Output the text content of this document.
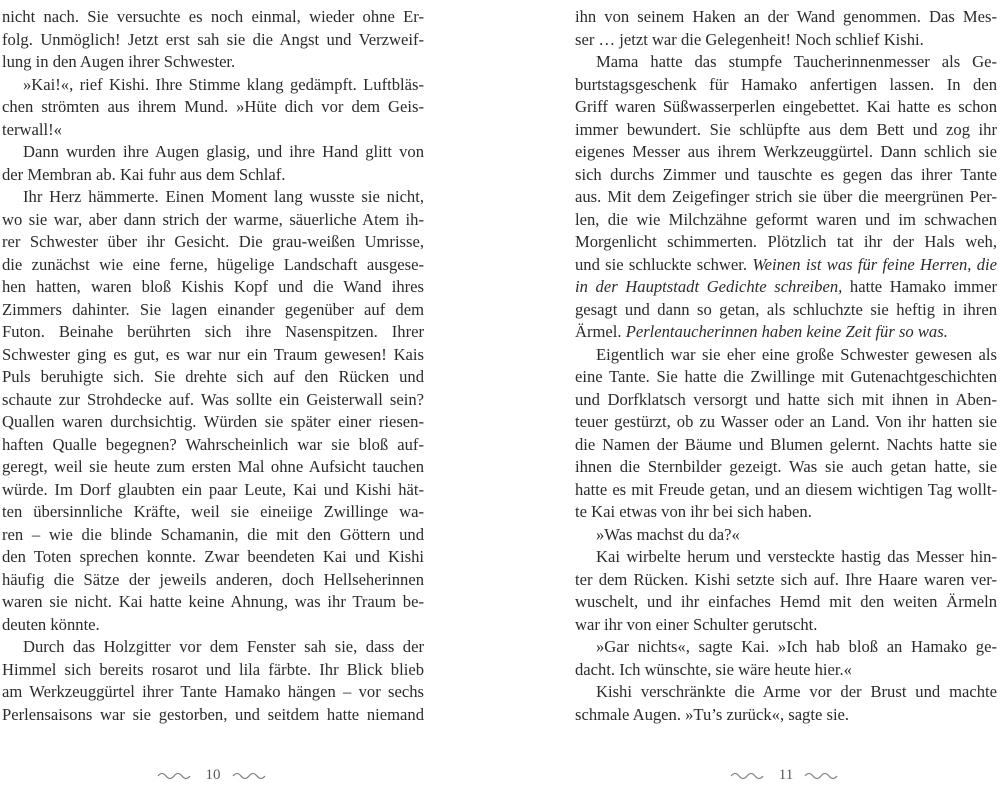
nicht nach. Sie versuchte es noch einmal, wieder ohne Er-
folg. Unmöglich! Jetzt erst sah sie die Angst und Verzweif-
lung in den Augen ihrer Schwester.
»Kai!«, rief Kishi. Ihre Stimme klang gedämpft. Luftbläs-
chen strömten aus ihrem Mund. »Hüte dich vor dem Geis-
terwall!«
Dann wurden ihre Augen glasig, und ihre Hand glitt von
der Membran ab. Kai fuhr aus dem Schlaf.
Ihr Herz hämmerte. Einen Moment lang wusste sie nicht,
wo sie war, aber dann strich der warme, säuerliche Atem ih-
rer Schwester über ihr Gesicht. Die grau-weißen Umrisse,
die zunächst wie eine ferne, hügelige Landschaft ausgese-
hen hatten, waren bloß Kishis Kopf und die Wand ihres
Zimmers dahinter. Sie lagen einander gegenüber auf dem
Futon. Beinahe berührten sich ihre Nasenspitzen. Ihrer
Schwester ging es gut, es war nur ein Traum gewesen! Kais
Puls beruhigte sich. Sie drehte sich auf den Rücken und
schaute zur Strohdecke auf. Was sollte ein Geisterwall sein?
Quallen waren durchsichtig. Würden sie später einer riesen-
haften Qualle begegnen? Wahrscheinlich war sie bloß auf-
geregt, weil sie heute zum ersten Mal ohne Aufsicht tauchen
würde. Im Dorf glaubten ein paar Leute, Kai und Kishi hät-
ten übersinnliche Kräfte, weil sie eineiige Zwillinge wa-
ren – wie die blinde Schamanin, die mit den Göttern und
den Toten sprechen konnte. Zwar beendeten Kai und Kishi
häufig die Sätze der jeweils anderen, doch Hellseherinnen
waren sie nicht. Kai hatte keine Ahnung, was ihr Traum be-
deuten könnte.
Durch das Holzgitter vor dem Fenster sah sie, dass der
Himmel sich bereits rosarot und lila färbte. Ihr Blick blieb
am Werkzeuggürtel ihrer Tante Hamako hängen – vor sechs
Perlensaisons war sie gestorben, und seitdem hatte niemand
10
ihn von seinem Haken an der Wand genommen. Das Mes-
ser … jetzt war die Gelegenheit! Noch schlief Kishi.
Mama hatte das stumpfe Taucherinnenmesser als Ge-
burtstagsgeschenk für Hamako anfertigen lassen. In den
Griff waren Süßwasserperlen eingebettet. Kai hatte es schon
immer bewundert. Sie schlüpfte aus dem Bett und zog ihr
eigenes Messer aus ihrem Werkzeuggürtel. Dann schlich sie
sich durchs Zimmer und tauschte es gegen das ihrer Tante
aus. Mit dem Zeigefinger strich sie über die meergrünen Per-
len, die wie Milchzähne geformt waren und im schwachen
Morgenlicht schimmerten. Plötzlich tat ihr der Hals weh,
und sie schluckte schwer. Weinen ist was für feine Herren, die
in der Hauptstadt Gedichte schreiben, hatte Hamako immer
gesagt und dann so getan, als schluchzte sie heftig in ihren
Ärmel. Perlentaucherinnen haben keine Zeit für so was.
Eigentlich war sie eher eine große Schwester gewesen als
eine Tante. Sie hatte die Zwillinge mit Gutenachtgeschichten
und Dorfklatsch versorgt und hatte sich mit ihnen in Aben-
teuer gestürzt, ob zu Wasser oder an Land. Von ihr hatten sie
die Namen der Bäume und Blumen gelernt. Nachts hatte sie
ihnen die Sternbilder gezeigt. Was sie auch getan hatte, sie
hatte es mit Freude getan, und an diesem wichtigen Tag wollt-
te Kai etwas von ihr bei sich haben.
»Was machst du da?«
Kai wirbelte herum und versteckte hastig das Messer hin-
ter dem Rücken. Kishi setzte sich auf. Ihre Haare waren ver-
wuschelt, und ihr einfaches Hemd mit den weiten Ärmeln
war ihr von einer Schulter gerutscht.
»Gar nichts«, sagte Kai. »Ich hab bloß an Hamako ge-
dacht. Ich wünschte, sie wäre heute hier.«
Kishi verschränkte die Arme vor der Brust und machte
schmale Augen. »Tu’s zurück«, sagte sie.
11
